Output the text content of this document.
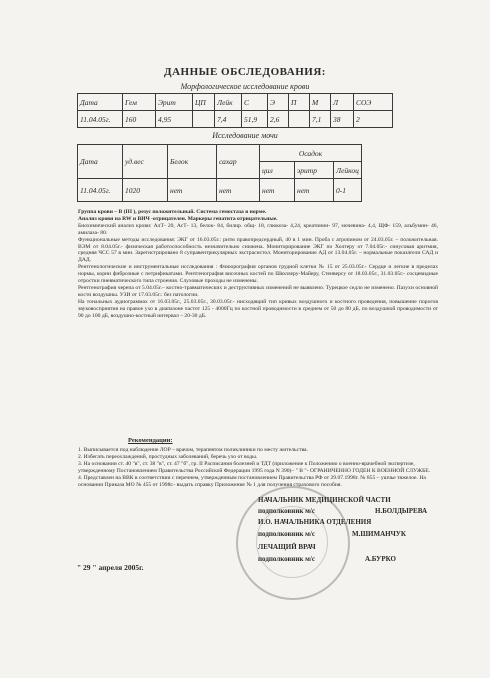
ДАННЫЕ ОБСЛЕДОВАНИЯ:
Морфологическое исследование крови
Дата	Гем	Эрит	ЦП	Лейк	С	Э	П	М	Л	СОЭ
11.04.05г.	160	4,95		7,4	51,9	2,6		7,1	38	2
Исследование мочи
Дата	уд.вес	Белок	сахар	Осадок		
				цил	эритр	Лейкоц
11.04.05г.	1020	нет	нет	нет	нет	0-1

Группа крови – В (III ), резус положительный. Система гемостаза в норме.

Анализ крови на RW и ВИЧ -отрицателен. Маркеры гепатита отрицательные.

Биохимический анализ крови: АлТ- 20, АсТ- 13, белок- 84, билир. общ- 18, глюкоза- 4,24, креатинин- 97, мочевина- 4,4, ЩФ- 159, альбумин- 46, амилаза- 80.

Функциональные методы исследования: ЭКГ от 16.03.05г.: ритм правопредсердный, 40 в 1 мин. Проба с атропином от 24.03.05г. – положительная. ВЭМ от 8.04.05г.- физическая работоспособность незначительно снижена. Мониторирование ЭКГ по Холтеру от 7.04.05г.- синусовая аритмия, средняя ЧСС 57 в мин. Зарегистрировано 8 суправентрикулярных экстрасистол. Мониторирование АД от 13.04.05г. – нормальные показатели САД и ДАД.

Рентгенологические и инструментальные исследования : Флюорография органов грудной клетки № 15 от 25.03.05г.- Сердце и легкие в пределах нормы, корни фиброзные с петрификатами. Рентгенография височных костей по Шюллеру-Майеру, Стенверсу от 18.03.05г., 31.03.05г.- сосцевидные отростки пневматического типа строения. Слуховые проходы не изменены.

Рентгенография черепа от 5.04.05г.– костно-травматических и деструктивных изменений не выявлено. Турецкое седло не изменено. Пазухи основной кости воздушны. УЗИ от 17.03.05г.: без патологии.

На тональных аудиограммах от 16.03.05г., 25.03.05г., 30.03.05г.- нисходящий тип кривых воздушного и костного проведения, повышение порогов звуковосприятия на правое ухо в диапазоне частот 125 - 4000Гц по костной проводимости в среднем от 50 до 80 дБ, по воздушной проводимости от 90 до 100 дБ, воздушно-костный интервал – 20-30 дБ.

Рекомендации:

1. Выписывается под наблюдение ЛОР – врачом, терапевтом поликлиники по месту жительства.

2. Избегать переохлаждений, простудных заболеваний, беречь ухо от воды.

3. На основании ст. 40 "в", ст. 38 "в", ст. 47 "б", гр. II Расписания болезней и ТДТ (приложение к Положению о военно-врачебной экспертизе, утвержденному Постановлением Правительства Российской Федерации 1995 года N 390)– " В "- ОГРАНИЧЕННО ГОДЕН К ВОЕННОЙ СЛУЖБЕ.

4. Представлен на ВВК в соответствии с перечнем, утвержденным постановлением Правительства РФ от 29.07.1998г. № 855 – ушчье тяжелое. На основании Приказа МО № 455 от 1998г.- выдать справку Приложение № 1 для получения страхового пособия.

НАЧАЛЬНИК МЕДИЦИНСКОЙ ЧАСТИ
подполковник м/с	Н.БОЛДЫРЕВА
И.О. НАЧАЛЬНИКА ОТДЕЛЕНИЯ
подполковник м/с	М.ШИМАНЧУК
ЛЕЧАЩИЙ ВРАЧ
подполковник м/с	А.БУРКО
" 29 " апреля 2005г.
